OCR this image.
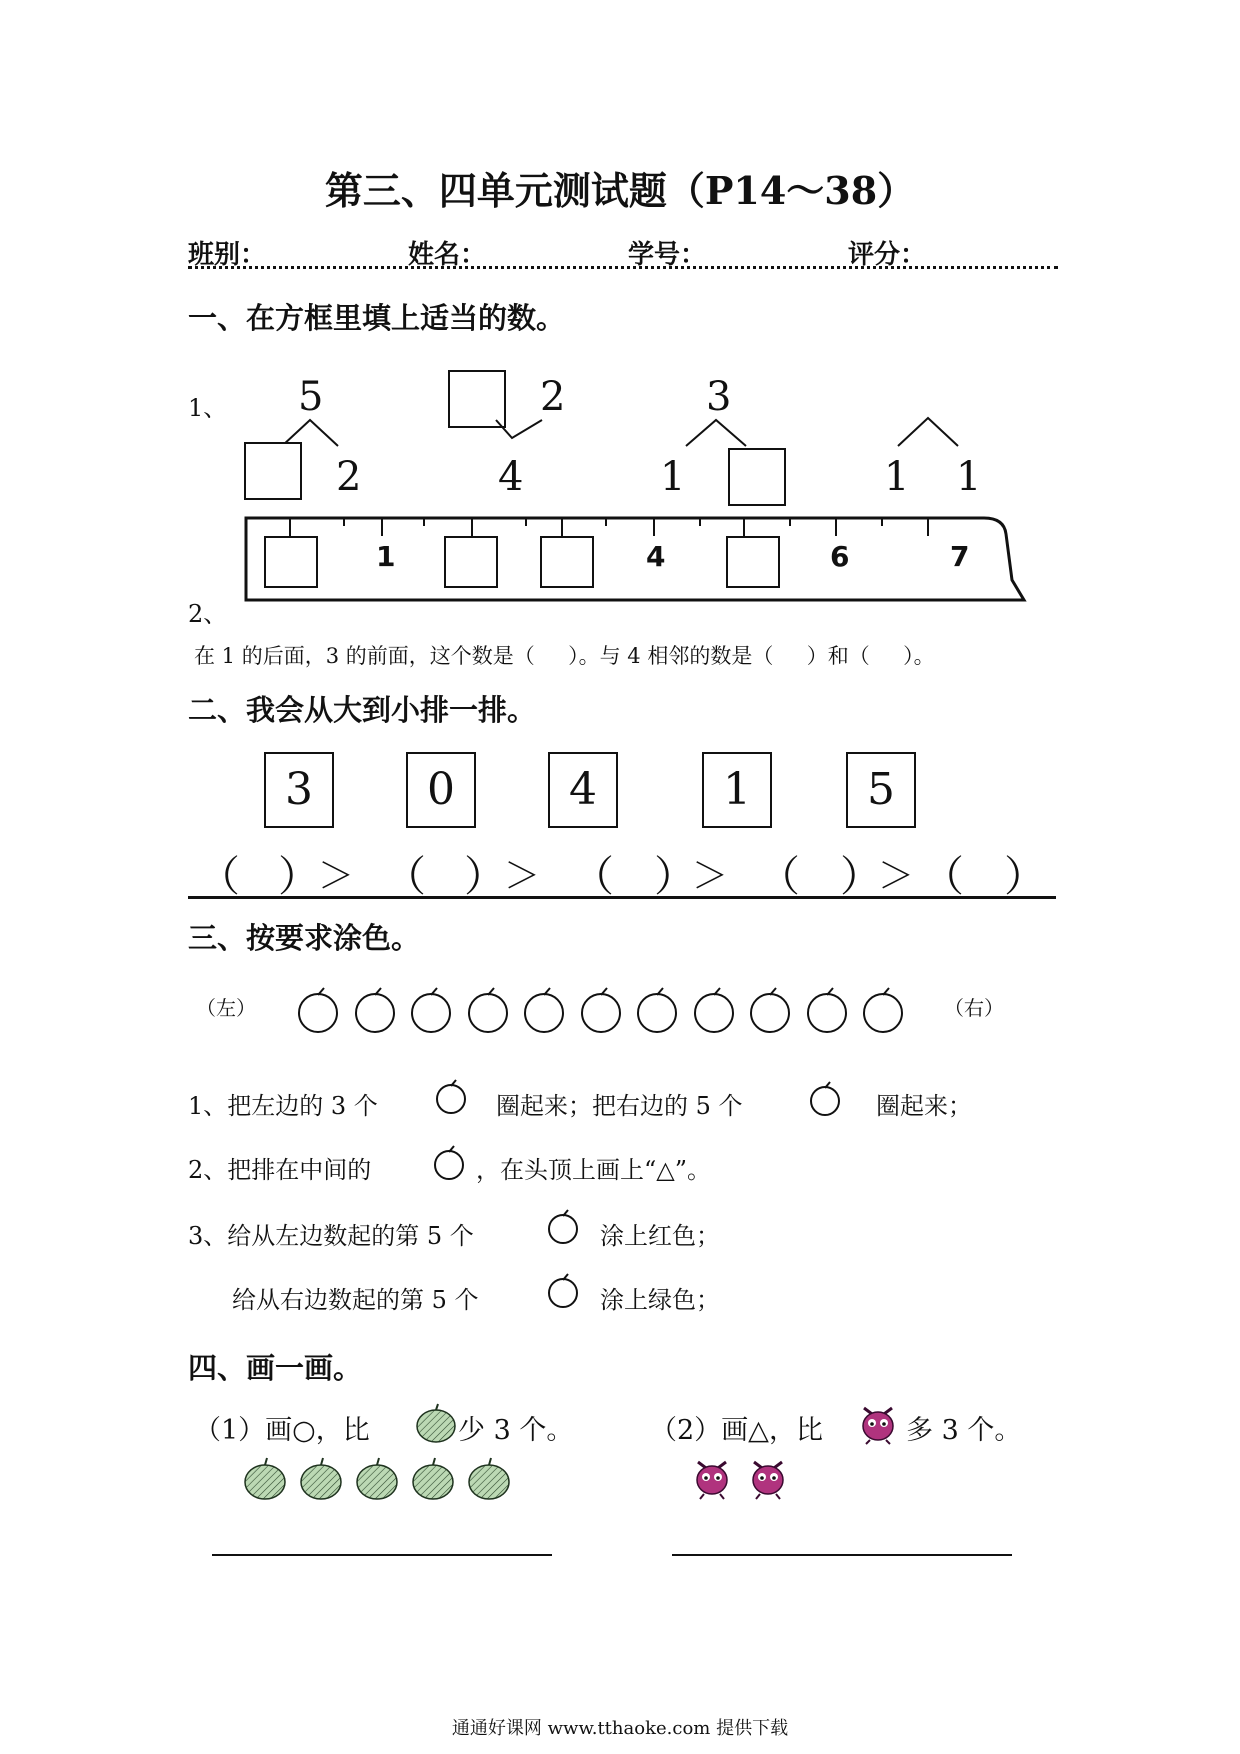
第三、四单元测试题（P14～38）
班别：	姓名：	学号：	评分：
一、在方框里填上适当的数。
1、 5
2
2
4
3
1	1 1
1	4	6	7
2、
在 1 的后面，3 的前面，这个数是（     ）。与 4 相邻的数是（     ）和（     ）。
二、我会从大到小排一排。
3	0	4	1	5
（ ）
＞ （ ）
＞ （ ）
＞ （ ）
＞ （ ）
三、按要求涂色。
（左）	（右）
1、把左边的 3 个	圈起来；把右边的 5 个	圈起来；
2、把排在中间的	，在头顶上画上“△”。
3、给从左边数起的第 5 个	涂上红色；
给从右边数起的第 5 个	涂上绿色；
四、画一画。
（1）画○，比	少 3 个。	（2）画△，比	多 3 个。
通通好课网 www.tthaoke.com 提供下载
